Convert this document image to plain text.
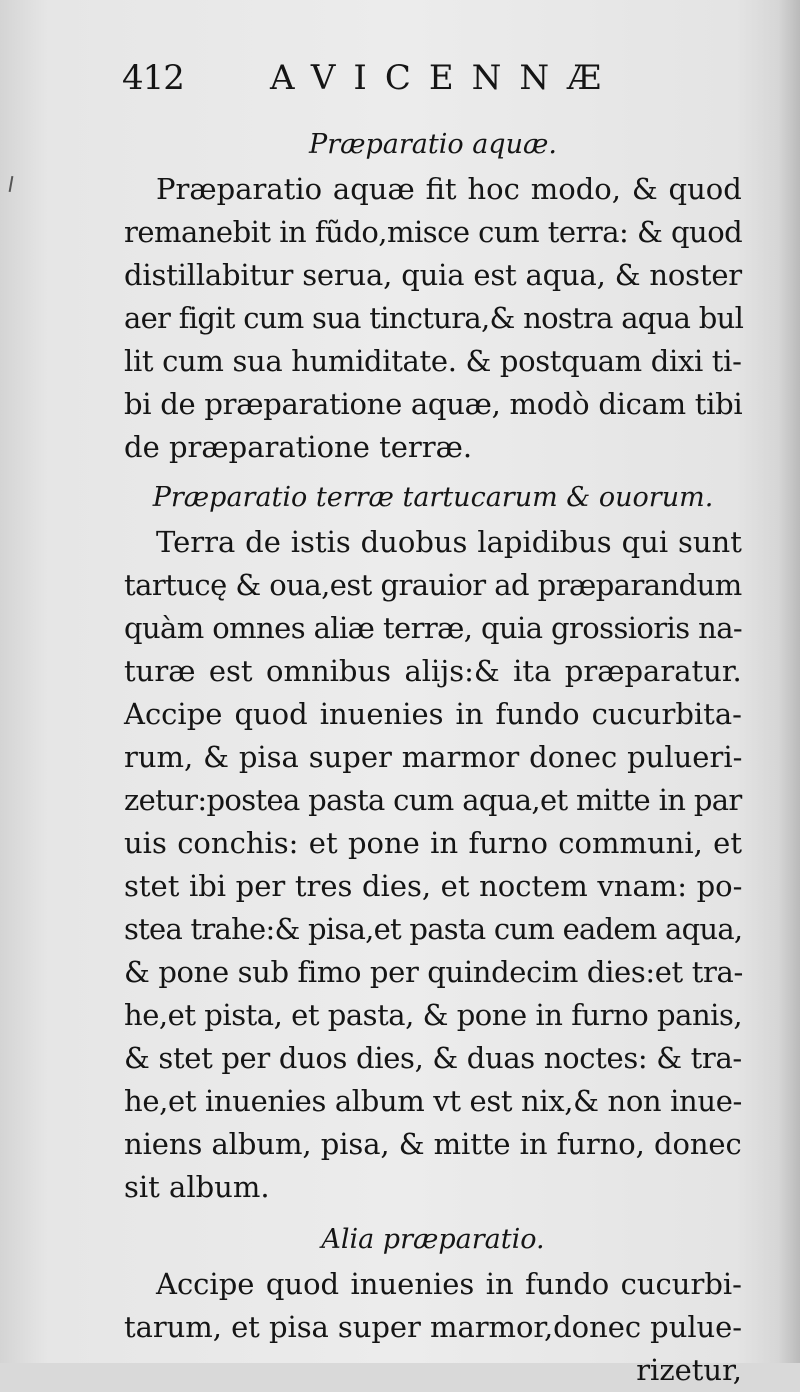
412	AVICENNÆ
Præparatio aquæ.

Præparatio aquæ fit hoc modo, & quod
remanebit in fũdo,misce cum terra: & quod
distillabitur serua, quia est aqua, & noster
aer figit cum sua tinctura,& nostra aqua bul
lit cum sua humiditate. & postquam dixi ti-
bi de præparatione aquæ, modò dicam tibi
de præparatione terræ.

Præparatio terræ tartucarum & ouorum.

Terra de istis duobus lapidibus qui sunt
tartucę & oua,est grauior ad præparandum
quàm omnes aliæ terræ, quia grossioris na-
turæ est omnibus alijs:& ita præparatur.
Accipe quod inuenies in fundo cucurbita-
rum, & pisa super marmor donec pulueri-
zetur:postea pasta cum aqua,et mitte in par
uis conchis: et pone in furno communi, et
stet ibi per tres dies, et noctem vnam: po-
stea trahe:& pisa,et pasta cum eadem aqua,
& pone sub fimo per quindecim dies:et tra-
he,et pista, et pasta, & pone in furno panis,
& stet per duos dies, & duas noctes: & tra-
he,et inuenies album vt est nix,& non inue-
niens album, pisa, & mitte in furno, donec
sit album.

Alia præparatio.

Accipe quod inuenies in fundo cucurbi-
tarum, et pisa super marmor,donec pulue-
rizetur,
